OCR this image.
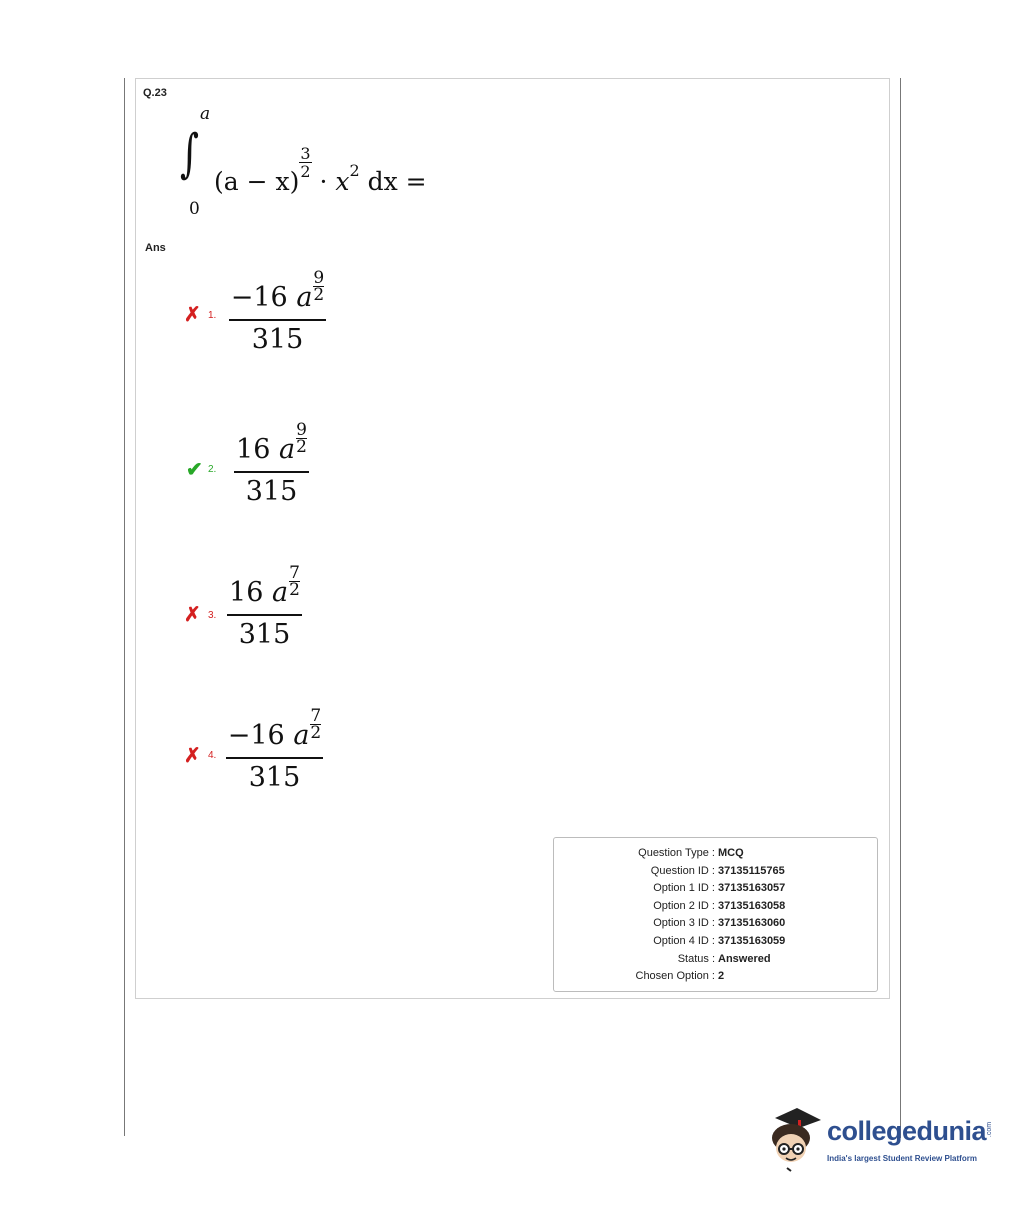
Q.23
∫
a
0
(a − x)
$\frac{3}{2}$
· $x^2$ dx =
Ans
✗ 1.
−16 a $\frac{9}{2}$
315
✔ 2.
16 a $\frac{9}{2}$
315
✗ 3.
16 a $\frac{7}{2}$
315
✗ 4.
−16 a $\frac{7}{2}$
315
Question Type : MCQ
Question ID : 37135115765
Option 1 ID : 37135163057
Option 2 ID : 37135163058
Option 3 ID : 37135163060
Option 4 ID : 37135163059
Status : Answered
Chosen Option : 2
collegedunia .com
India's largest Student Review Platform
